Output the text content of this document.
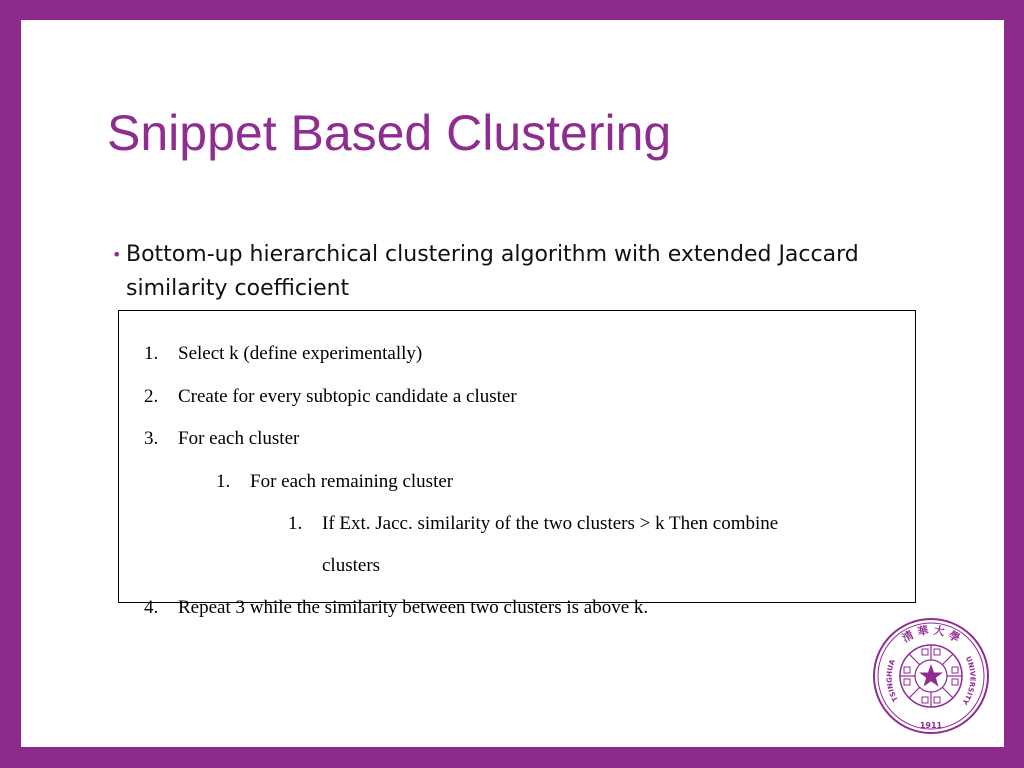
Snippet Based Clustering
• Bottom-up hierarchical clustering algorithm with extended Jaccard similarity coefficient
1. Select k (define experimentally)
2. Create for every subtopic candidate a cluster
3. For each cluster
1. For each remaining cluster
1. If Ext. Jacc. similarity of the two clusters > k Then combine
clusters
4. Repeat 3 while the similarity between two clusters is above k.
清 華 大 學
TSINGHUA	UNIVERSITY
1911
